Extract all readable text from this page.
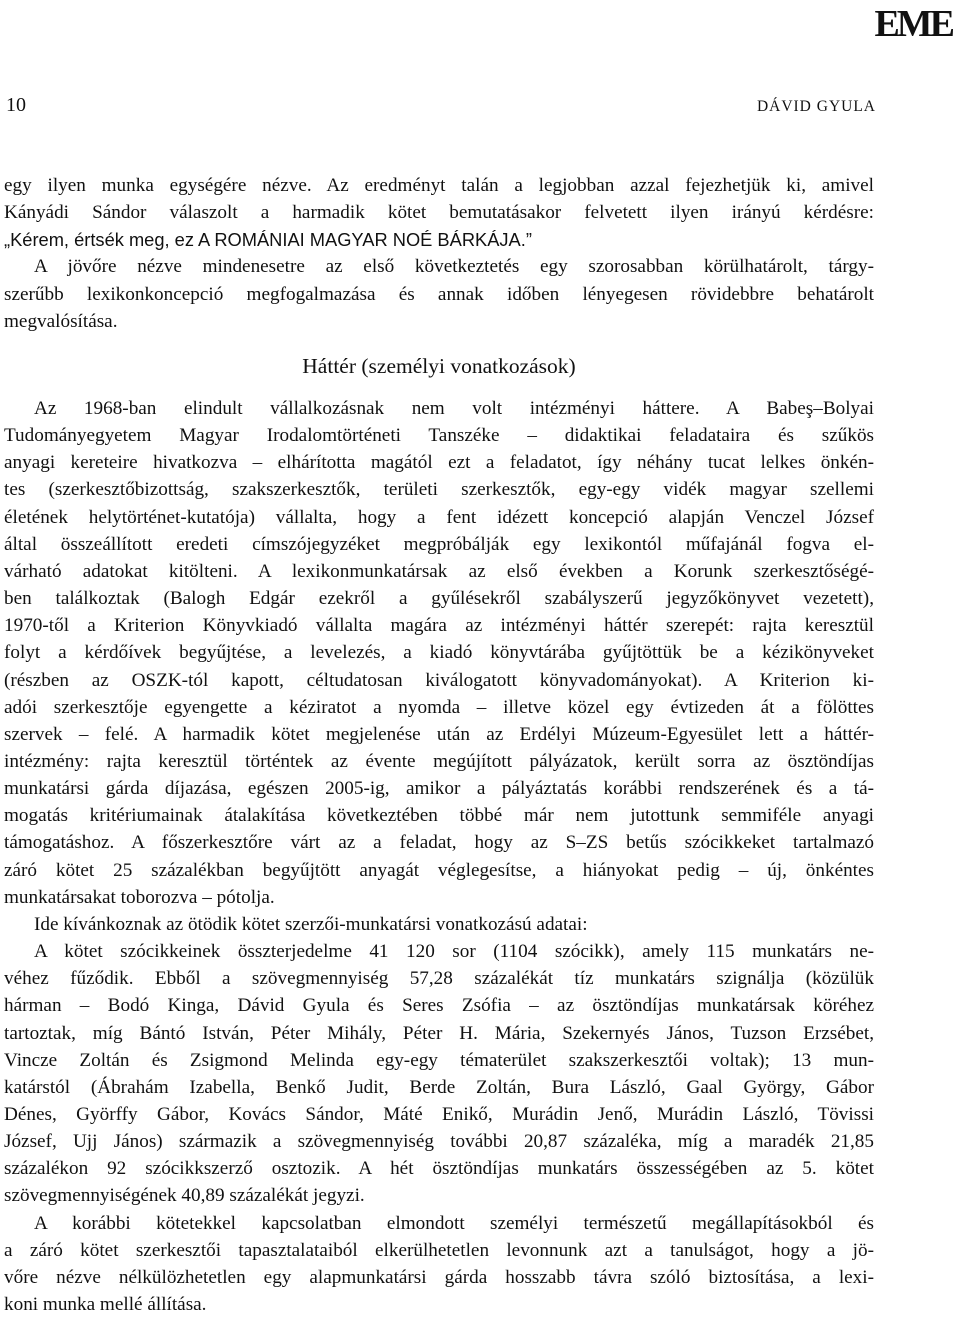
EME
10	DÁVID GYULA

egy ilyen munka egységére nézve. Az eredményt talán a legjobban azzal fejezhetjük ki, amivel
Kányádi Sándor válaszolt a harmadik kötet bemutatásakor felvetett ilyen irányú kérdésre:
„Kérem, értsék meg, ez A ROMÁNIAI MAGYAR NOÉ BÁRKÁJA.”

A jövőre nézve mindenesetre az első következtetés egy szorosabban körülhatárolt, tárgy-
szerűbb lexikonkoncepció megfogalmazása és annak időben lényegesen rövidebbre behatárolt
megvalósítása.

Háttér (személyi vonatkozások)

Az 1968-ban elindult vállalkozásnak nem volt intézményi háttere. A Babeş–Bolyai
Tudományegyetem Magyar Irodalomtörténeti Tanszéke – didaktikai feladataira és szűkös
anyagi kereteire hivatkozva – elhárította magától ezt a feladatot, így néhány tucat lelkes önkén-
tes (szerkesztőbizottság, szakszerkesztők, területi szerkesztők, egy-egy vidék magyar szellemi
életének helytörténet-kutatója) vállalta, hogy a fent idézett koncepció alapján Venczel József
által összeállított eredeti címszójegyzéket megpróbálják egy lexikontól műfajánál fogva el-
várható adatokat kitölteni. A lexikonmunkatársak az első években a Korunk szerkesztőségé-
ben találkoztak (Balogh Edgár ezekről a gyűlésekről szabályszerű jegyzőkönyvet vezetett),
1970-től a Kriterion Könyvkiadó vállalta magára az intézményi háttér szerepét: rajta keresztül
folyt a kérdőívek begyűjtése, a levelezés, a kiadó könyvtárába gyűjtöttük be a kézikönyveket
(részben az OSZK-tól kapott, céltudatosan kiválogatott könyvadományokat). A Kriterion ki-
adói szerkesztője egyengette a kéziratot a nyomda – illetve közel egy évtizeden át a fölöttes
szervek – felé. A harmadik kötet megjelenése után az Erdélyi Múzeum-Egyesület lett a háttér-
intézmény: rajta keresztül történtek az évente megújított pályázatok, került sorra az ösztöndíjas
munkatársi gárda díjazása, egészen 2005-ig, amikor a pályáztatás korábbi rendszerének és a tá-
mogatás kritériumainak átalakítása következtében többé már nem jutottunk semmiféle anyagi
támogatáshoz. A főszerkesztőre várt az a feladat, hogy az S–ZS betűs szócikkeket tartalmazó
záró kötet 25 százalékban begyűjtött anyagát véglegesítse, a hiányokat pedig – új, önkéntes
munkatársakat toborozva – pótolja.

Ide kívánkoznak az ötödik kötet szerzői-munkatársi vonatkozású adatai:

A kötet szócikkeinek összterjedelme 41 120 sor (1104 szócikk), amely 115 munkatárs ne-
véhez fűződik. Ebből a szövegmennyiség 57,28 százalékát tíz munkatárs szignálja (közülük
hárman – Bodó Kinga, Dávid Gyula és Seres Zsófia – az ösztöndíjas munkatársak köréhez
tartoztak, míg Bántó István, Péter Mihály, Péter H. Mária, Szekernyés János, Tuzson Erzsébet,
Vincze Zoltán és Zsigmond Melinda egy-egy tématerület szakszerkesztői voltak); 13 mun-
katárstól (Ábrahám Izabella, Benkő Judit, Berde Zoltán, Bura László, Gaal György, Gábor
Dénes, Györffy Gábor, Kovács Sándor, Máté Enikő, Murádin Jenő, Murádin László, Tövissi
József, Ujj János) származik a szövegmennyiség további 20,87 százaléka, míg a maradék 21,85
százalékon 92 szócikkszerző osztozik. A hét ösztöndíjas munkatárs összességében az 5. kötet
szövegmennyiségének 40,89 százalékát jegyzi.

A korábbi kötetekkel kapcsolatban elmondott személyi természetű megállapításokból és
a záró kötet szerkesztői tapasztalataiból elkerülhetetlen levonnunk azt a tanulságot, hogy a jö-
vőre nézve nélkülözhetetlen egy alapmunkatársi gárda hosszabb távra szóló biztosítása, a lexi-
koni munka mellé állítása.
